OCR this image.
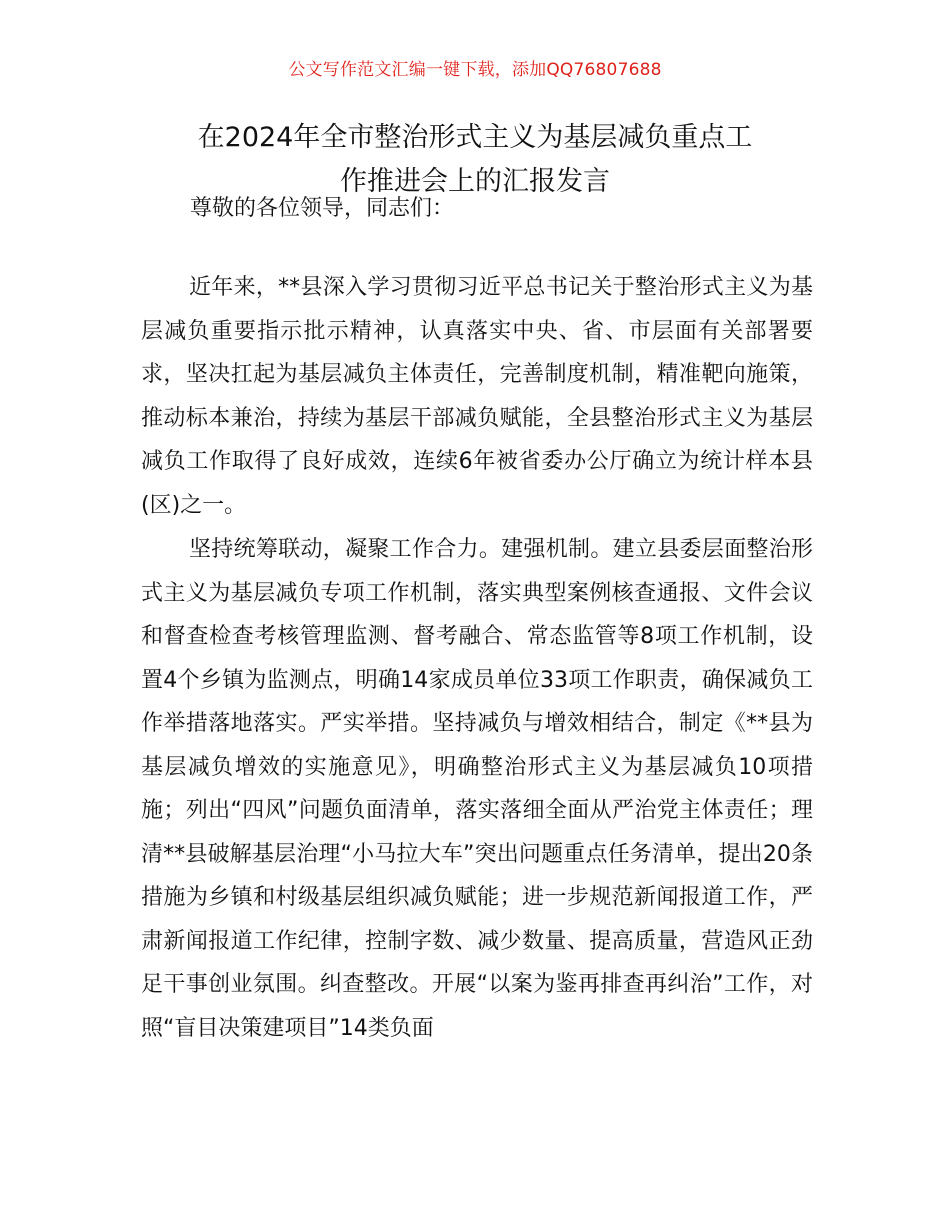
公文写作范文汇编一键下载，添加QQ76807688
在2024年全市整治形式主义为基层减负重点工
作推进会上的汇报发言

尊敬的各位领导，同志们：

近年来，**县深入学习贯彻习近平总书记关于整治形式主义为基层减负重要指示批示精神，认真落实中央、省、市层面有关部署要求，坚决扛起为基层减负主体责任，完善制度机制，精准靶向施策，推动标本兼治，持续为基层干部减负赋能，全县整治形式主义为基层减负工作取得了良好成效，连续6年被省委办公厅确立为统计样本县(区)之一。

坚持统筹联动，凝聚工作合力。建强机制。建立县委层面整治形式主义为基层减负专项工作机制，落实典型案例核查通报、文件会议和督查检查考核管理监测、督考融合、常态监管等8项工作机制，设置4个乡镇为监测点，明确14家成员单位33项工作职责，确保减负工作举措落地落实。严实举措。坚持减负与增效相结合，制定《**县为基层减负增效的实施意见》，明确整治形式主义为基层减负10项措施；列出“四风”问题负面清单，落实落细全面从严治党主体责任；理清**县破解基层治理“小马拉大车”突出问题重点任务清单，提出20条措施为乡镇和村级基层组织减负赋能；进一步规范新闻报道工作，严肃新闻报道工作纪律，控制字数、减少数量、提高质量，营造风正劲足干事创业氛围。纠查整改。开展“以案为鉴再排查再纠治”工作，对照“盲目决策建项目”14类负面
